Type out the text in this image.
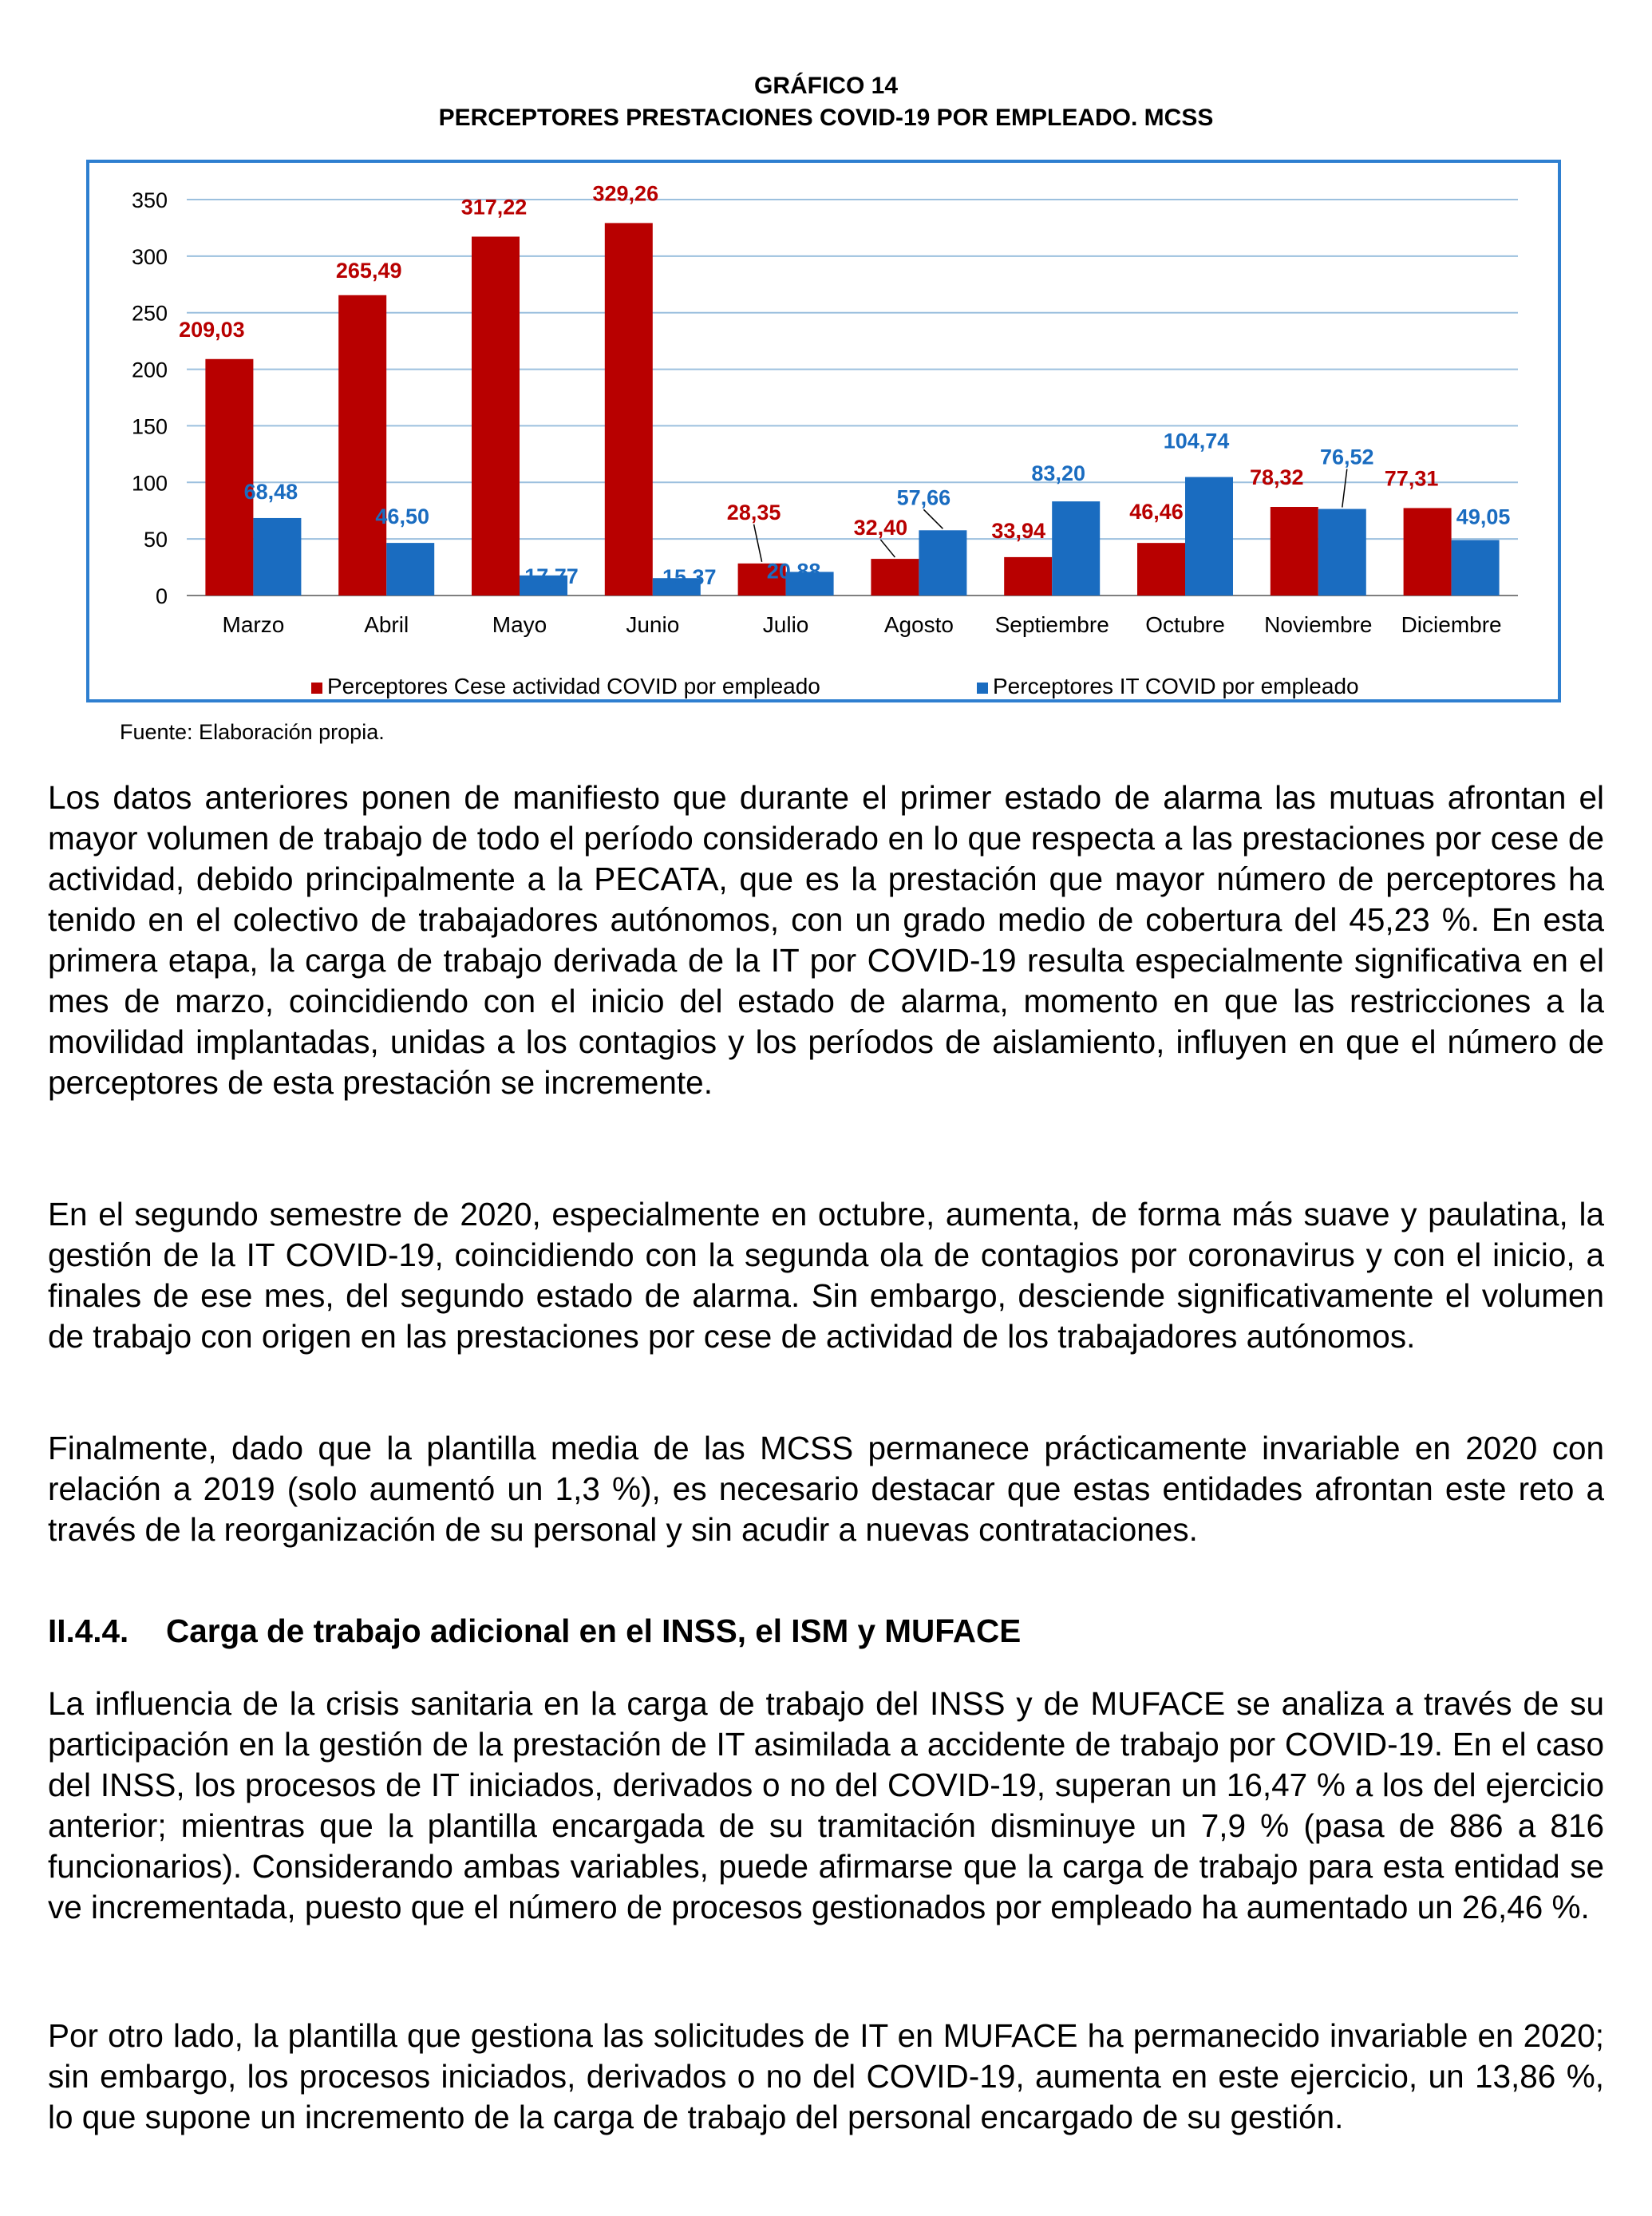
GRÁFICO 14
PERCEPTORES PRESTACIONES COVID-19 POR EMPLEADO. MCSS
0
50
100
150
200
250
300
350
209,03
68,48
Marzo
265,49
46,50
Abril
317,22
17,77
Mayo
329,26
15,37
Junio
28,35
20,88
Julio
32,40
57,66
Agosto
33,94
83,20
Septiembre
46,46
104,74
Octubre
78,32
76,52
Noviembre
77,31
49,05
Diciembre
Perceptores Cese actividad COVID por empleado	Perceptores IT COVID por empleado
Fuente: Elaboración propia.

Los datos anteriores ponen de manifiesto que durante el primer estado de alarma las mutuas afrontan el mayor volumen de trabajo de todo el período considerado en lo que respecta a las prestaciones por cese de actividad, debido principalmente a la PECATA, que es la prestación que mayor número de perceptores ha tenido en el colectivo de trabajadores autónomos, con un grado medio de cobertura del 45,23 %. En esta primera etapa, la carga de trabajo derivada de la IT por COVID-19 resulta especialmente significativa en el mes de marzo, coincidiendo con el inicio del estado de alarma, momento en que las restricciones a la movilidad implantadas, unidas a los contagios y los períodos de aislamiento, influyen en que el número de perceptores de esta prestación se incremente.

En el segundo semestre de 2020, especialmente en octubre, aumenta, de forma más suave y paulatina, la gestión de la IT COVID-19, coincidiendo con la segunda ola de contagios por coronavirus y con el inicio, a finales de ese mes, del segundo estado de alarma. Sin embargo, desciende significativamente el volumen de trabajo con origen en las prestaciones por cese de actividad de los trabajadores autónomos.

Finalmente, dado que la plantilla media de las MCSS permanece prácticamente invariable en 2020 con relación a 2019 (solo aumentó un 1,3 %), es necesario destacar que estas entidades afrontan este reto a través de la reorganización de su personal y sin acudir a nuevas contrataciones.

II.4.4. Carga de trabajo adicional en el INSS, el ISM y MUFACE

La influencia de la crisis sanitaria en la carga de trabajo del INSS y de MUFACE se analiza a través de su participación en la gestión de la prestación de IT asimilada a accidente de trabajo por COVID-19. En el caso del INSS, los procesos de IT iniciados, derivados o no del COVID-19, superan un 16,47 % a los del ejercicio anterior; mientras que la plantilla encargada de su tramitación disminuye un 7,9 % (pasa de 886 a 816 funcionarios). Considerando ambas variables, puede afirmarse que la carga de trabajo para esta entidad se ve incrementada, puesto que el número de procesos gestionados por empleado ha aumentado un 26,46 %.

Por otro lado, la plantilla que gestiona las solicitudes de IT en MUFACE ha permanecido invariable en 2020; sin embargo, los procesos iniciados, derivados o no del COVID-19, aumenta en este ejercicio, un 13,86 %, lo que supone un incremento de la carga de trabajo del personal encargado de su gestión.
